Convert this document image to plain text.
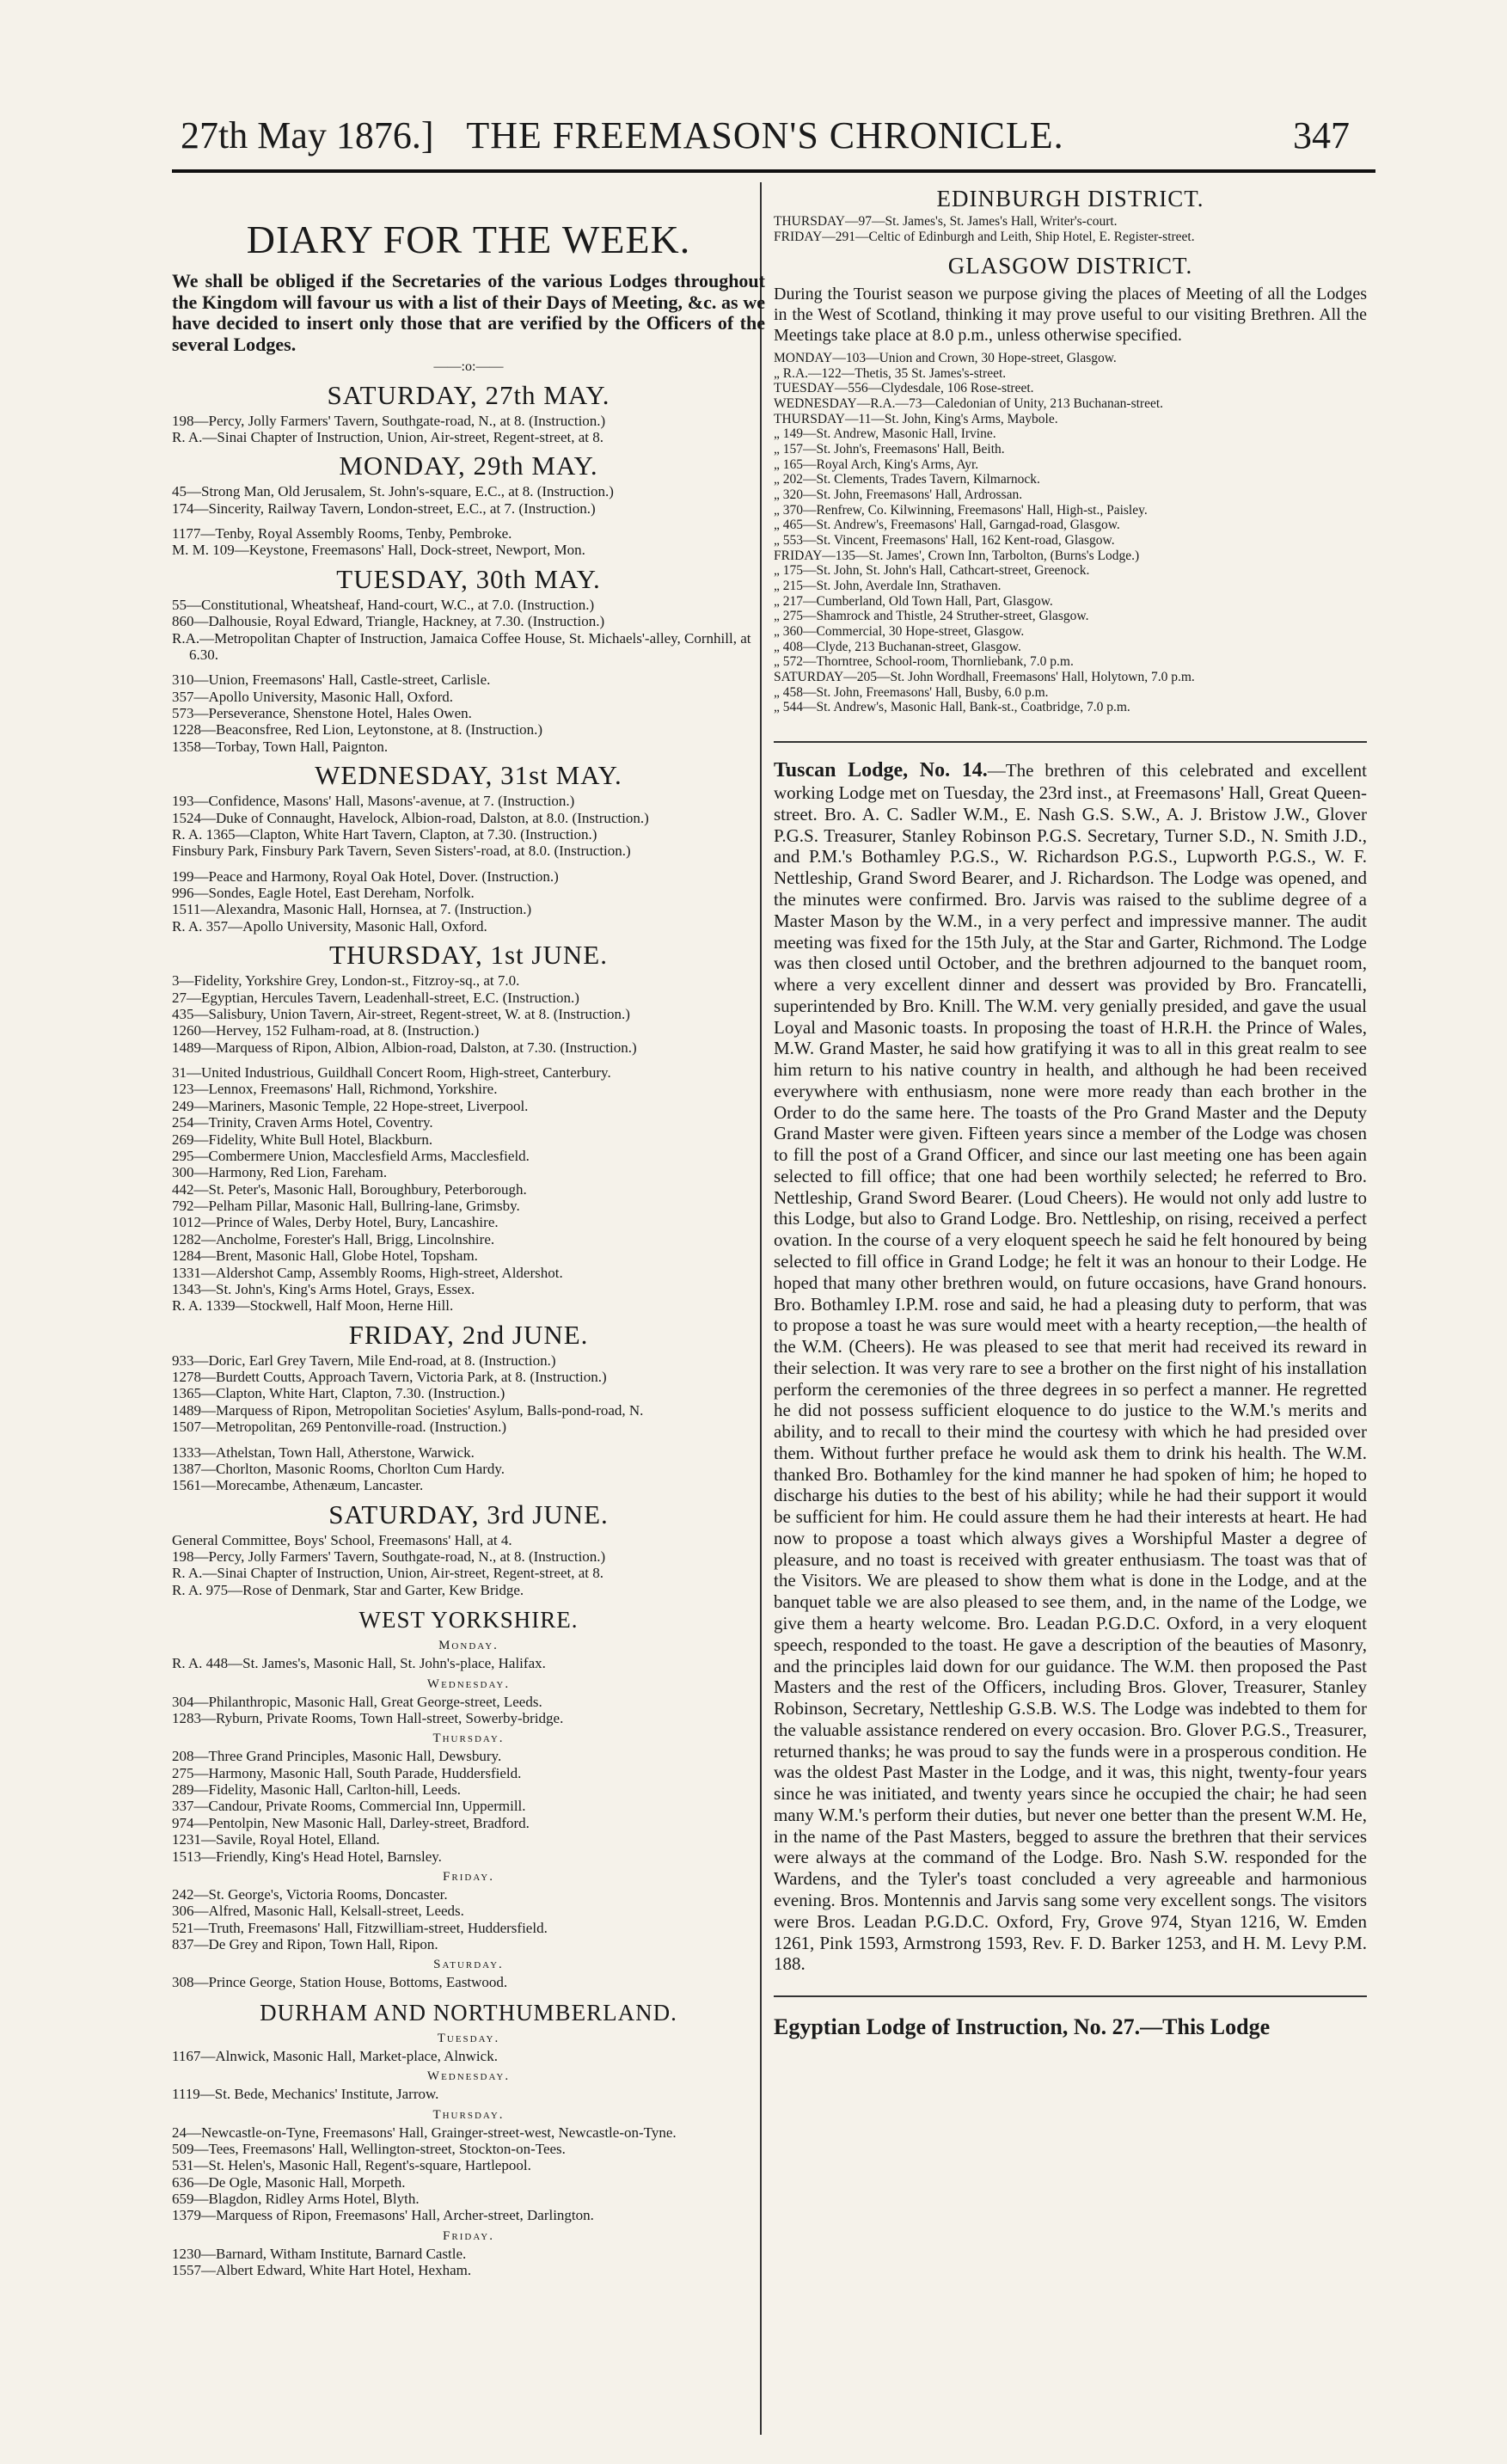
27th May 1876.] THE FREEMASON'S CHRONICLE.	347
DIARY FOR THE WEEK.

We shall be obliged if the Secretaries of the various Lodges throughout the Kingdom will favour us with a list of their Days of Meeting, &c. as we have decided to insert only those that are verified by the Officers of the several Lodges.

——:o:——
SATURDAY, 27th MAY.

198—Percy, Jolly Farmers' Tavern, Southgate-road, N., at 8. (Instruction.)

R. A.—Sinai Chapter of Instruction, Union, Air-street, Regent-street, at 8.

MONDAY, 29th MAY.

45—Strong Man, Old Jerusalem, St. John's-square, E.C., at 8. (Instruction.)

174—Sincerity, Railway Tavern, London-street, E.C., at 7. (Instruction.)

1177—Tenby, Royal Assembly Rooms, Tenby, Pembroke.

M. M. 109—Keystone, Freemasons' Hall, Dock-street, Newport, Mon.

TUESDAY, 30th MAY.

55—Constitutional, Wheatsheaf, Hand-court, W.C., at 7.0. (Instruction.)

860—Dalhousie, Royal Edward, Triangle, Hackney, at 7.30. (Instruction.)

R.A.—Metropolitan Chapter of Instruction, Jamaica Coffee House, St. Michaels'-alley, Cornhill, at 6.30.

310—Union, Freemasons' Hall, Castle-street, Carlisle.

357—Apollo University, Masonic Hall, Oxford.

573—Perseverance, Shenstone Hotel, Hales Owen.

1228—Beaconsfree, Red Lion, Leytonstone, at 8. (Instruction.)

1358—Torbay, Town Hall, Paignton.

WEDNESDAY, 31st MAY.

193—Confidence, Masons' Hall, Masons'-avenue, at 7. (Instruction.)

1524—Duke of Connaught, Havelock, Albion-road, Dalston, at 8.0. (Instruction.)

R. A. 1365—Clapton, White Hart Tavern, Clapton, at 7.30. (Instruction.)

Finsbury Park, Finsbury Park Tavern, Seven Sisters'-road, at 8.0. (Instruction.)

199—Peace and Harmony, Royal Oak Hotel, Dover. (Instruction.)

996—Sondes, Eagle Hotel, East Dereham, Norfolk.

1511—Alexandra, Masonic Hall, Hornsea, at 7. (Instruction.)

R. A. 357—Apollo University, Masonic Hall, Oxford.

THURSDAY, 1st JUNE.

3—Fidelity, Yorkshire Grey, London-st., Fitzroy-sq., at 7.0.

27—Egyptian, Hercules Tavern, Leadenhall-street, E.C. (Instruction.)

435—Salisbury, Union Tavern, Air-street, Regent-street, W. at 8. (Instruction.)

1260—Hervey, 152 Fulham-road, at 8. (Instruction.)

1489—Marquess of Ripon, Albion, Albion-road, Dalston, at 7.30. (Instruction.)

31—United Industrious, Guildhall Concert Room, High-street, Canterbury.

123—Lennox, Freemasons' Hall, Richmond, Yorkshire.

249—Mariners, Masonic Temple, 22 Hope-street, Liverpool.

254—Trinity, Craven Arms Hotel, Coventry.

269—Fidelity, White Bull Hotel, Blackburn.

295—Combermere Union, Macclesfield Arms, Macclesfield.

300—Harmony, Red Lion, Fareham.

442—St. Peter's, Masonic Hall, Boroughbury, Peterborough.

792—Pelham Pillar, Masonic Hall, Bullring-lane, Grimsby.

1012—Prince of Wales, Derby Hotel, Bury, Lancashire.

1282—Ancholme, Forester's Hall, Brigg, Lincolnshire.

1284—Brent, Masonic Hall, Globe Hotel, Topsham.

1331—Aldershot Camp, Assembly Rooms, High-street, Aldershot.

1343—St. John's, King's Arms Hotel, Grays, Essex.

R. A. 1339—Stockwell, Half Moon, Herne Hill.

FRIDAY, 2nd JUNE.

933—Doric, Earl Grey Tavern, Mile End-road, at 8. (Instruction.)

1278—Burdett Coutts, Approach Tavern, Victoria Park, at 8. (Instruction.)

1365—Clapton, White Hart, Clapton, 7.30. (Instruction.)

1489—Marquess of Ripon, Metropolitan Societies' Asylum, Balls-pond-road, N.

1507—Metropolitan, 269 Pentonville-road. (Instruction.)

1333—Athelstan, Town Hall, Atherstone, Warwick.

1387—Chorlton, Masonic Rooms, Chorlton Cum Hardy.

1561—Morecambe, Athenæum, Lancaster.

SATURDAY, 3rd JUNE.

General Committee, Boys' School, Freemasons' Hall, at 4.

198—Percy, Jolly Farmers' Tavern, Southgate-road, N., at 8. (Instruction.)

R. A.—Sinai Chapter of Instruction, Union, Air-street, Regent-street, at 8.

R. A. 975—Rose of Denmark, Star and Garter, Kew Bridge.

WEST YORKSHIRE.
Monday.

R. A. 448—St. James's, Masonic Hall, St. John's-place, Halifax.

Wednesday.

304—Philanthropic, Masonic Hall, Great George-street, Leeds.

1283—Ryburn, Private Rooms, Town Hall-street, Sowerby-bridge.

Thursday.

208—Three Grand Principles, Masonic Hall, Dewsbury.

275—Harmony, Masonic Hall, South Parade, Huddersfield.

289—Fidelity, Masonic Hall, Carlton-hill, Leeds.

337—Candour, Private Rooms, Commercial Inn, Uppermill.

974—Pentolpin, New Masonic Hall, Darley-street, Bradford.

1231—Savile, Royal Hotel, Elland.

1513—Friendly, King's Head Hotel, Barnsley.

Friday.

242—St. George's, Victoria Rooms, Doncaster.

306—Alfred, Masonic Hall, Kelsall-street, Leeds.

521—Truth, Freemasons' Hall, Fitzwilliam-street, Huddersfield.

837—De Grey and Ripon, Town Hall, Ripon.

Saturday.

308—Prince George, Station House, Bottoms, Eastwood.

DURHAM AND NORTHUMBERLAND.
Tuesday.

1167—Alnwick, Masonic Hall, Market-place, Alnwick.

Wednesday.

1119—St. Bede, Mechanics' Institute, Jarrow.

Thursday.

24—Newcastle-on-Tyne, Freemasons' Hall, Grainger-street-west, Newcastle-on-Tyne.

509—Tees, Freemasons' Hall, Wellington-street, Stockton-on-Tees.

531—St. Helen's, Masonic Hall, Regent's-square, Hartlepool.

636—De Ogle, Masonic Hall, Morpeth.

659—Blagdon, Ridley Arms Hotel, Blyth.

1379—Marquess of Ripon, Freemasons' Hall, Archer-street, Darlington.

Friday.

1230—Barnard, Witham Institute, Barnard Castle.

1557—Albert Edward, White Hart Hotel, Hexham.

EDINBURGH DISTRICT.

THURSDAY—97—St. James's, St. James's Hall, Writer's-court.

FRIDAY—291—Celtic of Edinburgh and Leith, Ship Hotel, E. Register-street.

GLASGOW DISTRICT.

During the Tourist season we purpose giving the places of Meeting of all the Lodges in the West of Scotland, thinking it may prove useful to our visiting Brethren. All the Meetings take place at 8.0 p.m., unless otherwise specified.

MONDAY—103—Union and Crown, 30 Hope-street, Glasgow.

„ R.A.—122—Thetis, 35 St. James's-street.

TUESDAY—556—Clydesdale, 106 Rose-street.

WEDNESDAY—R.A.—73—Caledonian of Unity, 213 Buchanan-street.

THURSDAY—11—St. John, King's Arms, Maybole.

„ 149—St. Andrew, Masonic Hall, Irvine.

„ 157—St. John's, Freemasons' Hall, Beith.

„ 165—Royal Arch, King's Arms, Ayr.

„ 202—St. Clements, Trades Tavern, Kilmarnock.

„ 320—St. John, Freemasons' Hall, Ardrossan.

„ 370—Renfrew, Co. Kilwinning, Freemasons' Hall, High-st., Paisley.

„ 465—St. Andrew's, Freemasons' Hall, Garngad-road, Glasgow.

„ 553—St. Vincent, Freemasons' Hall, 162 Kent-road, Glasgow.

FRIDAY—135—St. James', Crown Inn, Tarbolton, (Burns's Lodge.)

„ 175—St. John, St. John's Hall, Cathcart-street, Greenock.

„ 215—St. John, Averdale Inn, Strathaven.

„ 217—Cumberland, Old Town Hall, Part, Glasgow.

„ 275—Shamrock and Thistle, 24 Struther-street, Glasgow.

„ 360—Commercial, 30 Hope-street, Glasgow.

„ 408—Clyde, 213 Buchanan-street, Glasgow.

„ 572—Thorntree, School-room, Thornliebank, 7.0 p.m.

SATURDAY—205—St. John Wordhall, Freemasons' Hall, Holytown, 7.0 p.m.

„ 458—St. John, Freemasons' Hall, Busby, 6.0 p.m.

„ 544—St. Andrew's, Masonic Hall, Bank-st., Coatbridge, 7.0 p.m.

Tuscan Lodge, No. 14.—The brethren of this celebrated and excellent working Lodge met on Tuesday, the 23rd inst., at Freemasons' Hall, Great Queen-street. Bro. A. C. Sadler W.M., E. Nash G.S. S.W., A. J. Bristow J.W., Glover P.G.S. Treasurer, Stanley Robinson P.G.S. Secretary, Turner S.D., N. Smith J.D., and P.M.'s Bothamley P.G.S., W. Richardson P.G.S., Lupworth P.G.S., W. F. Nettleship, Grand Sword Bearer, and J. Richardson. The Lodge was opened, and the minutes were confirmed. Bro. Jarvis was raised to the sublime degree of a Master Mason by the W.M., in a very perfect and impressive manner. The audit meeting was fixed for the 15th July, at the Star and Garter, Richmond. The Lodge was then closed until October, and the brethren adjourned to the banquet room, where a very excellent dinner and dessert was provided by Bro. Francatelli, superintended by Bro. Knill. The W.M. very genially presided, and gave the usual Loyal and Masonic toasts. In proposing the toast of H.R.H. the Prince of Wales, M.W. Grand Master, he said how gratifying it was to all in this great realm to see him return to his native country in health, and although he had been received everywhere with enthusiasm, none were more ready than each brother in the Order to do the same here. The toasts of the Pro Grand Master and the Deputy Grand Master were given. Fifteen years since a member of the Lodge was chosen to fill the post of a Grand Officer, and since our last meeting one has been again selected to fill office; that one had been worthily selected; he referred to Bro. Nettleship, Grand Sword Bearer. (Loud Cheers). He would not only add lustre to this Lodge, but also to Grand Lodge. Bro. Nettleship, on rising, received a perfect ovation. In the course of a very eloquent speech he said he felt honoured by being selected to fill office in Grand Lodge; he felt it was an honour to their Lodge. He hoped that many other brethren would, on future occasions, have Grand honours. Bro. Bothamley I.P.M. rose and said, he had a pleasing duty to perform, that was to propose a toast he was sure would meet with a hearty reception,—the health of the W.M. (Cheers). He was pleased to see that merit had received its reward in their selection. It was very rare to see a brother on the first night of his installation perform the ceremonies of the three degrees in so perfect a manner. He regretted he did not possess sufficient eloquence to do justice to the W.M.'s merits and ability, and to recall to their mind the courtesy with which he had presided over them. Without further preface he would ask them to drink his health. The W.M. thanked Bro. Bothamley for the kind manner he had spoken of him; he hoped to discharge his duties to the best of his ability; while he had their support it would be sufficient for him. He could assure them he had their interests at heart. He had now to propose a toast which always gives a Worshipful Master a degree of pleasure, and no toast is received with greater enthusiasm. The toast was that of the Visitors. We are pleased to show them what is done in the Lodge, and at the banquet table we are also pleased to see them, and, in the name of the Lodge, we give them a hearty welcome. Bro. Leadan P.G.D.C. Oxford, in a very eloquent speech, responded to the toast. He gave a description of the beauties of Masonry, and the principles laid down for our guidance. The W.M. then proposed the Past Masters and the rest of the Officers, including Bros. Glover, Treasurer, Stanley Robinson, Secretary, Nettleship G.S.B. W.S. The Lodge was indebted to them for the valuable assistance rendered on every occasion. Bro. Glover P.G.S., Treasurer, returned thanks; he was proud to say the funds were in a prosperous condition. He was the oldest Past Master in the Lodge, and it was, this night, twenty-four years since he was initiated, and twenty years since he occupied the chair; he had seen many W.M.'s perform their duties, but never one better than the present W.M. He, in the name of the Past Masters, begged to assure the brethren that their services were always at the command of the Lodge. Bro. Nash S.W. responded for the Wardens, and the Tyler's toast concluded a very agreeable and harmonious evening. Bros. Montennis and Jarvis sang some very excellent songs. The visitors were Bros. Leadan P.G.D.C. Oxford, Fry, Grove 974, Styan 1216, W. Emden 1261, Pink 1593, Armstrong 1593, Rev. F. D. Barker 1253, and H. M. Levy P.M. 188.

Egyptian Lodge of Instruction, No. 27.—This Lodge
